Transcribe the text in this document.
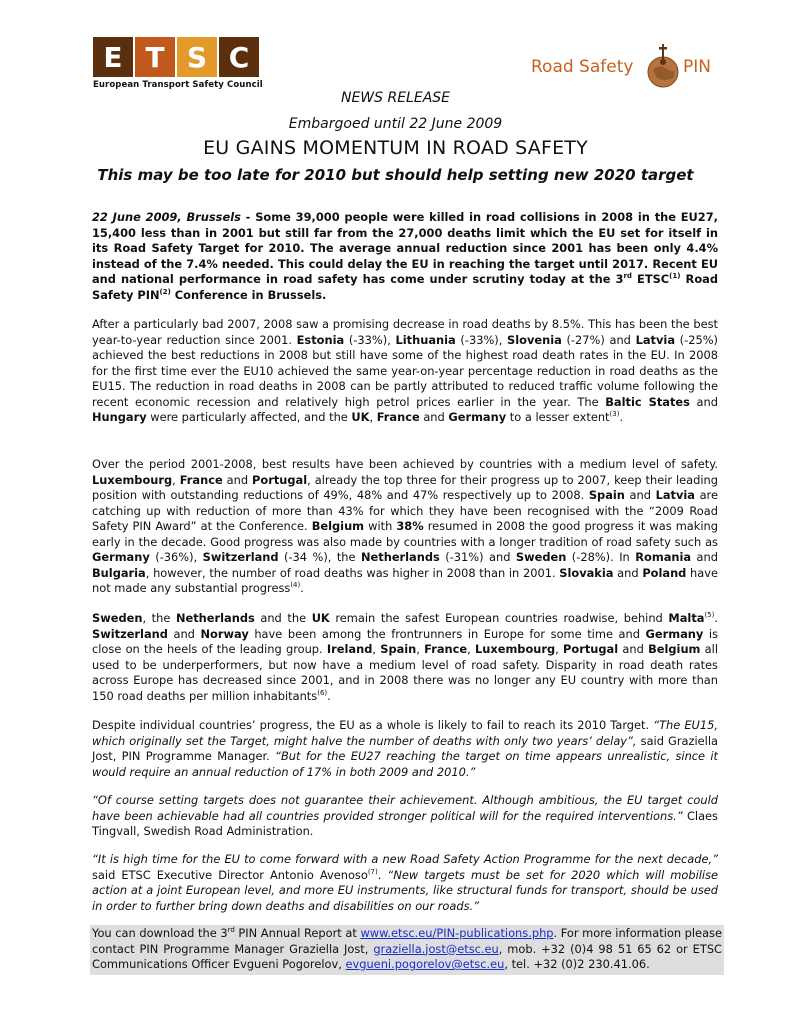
E T S C
European Transport Safety Council
Road Safety	PIN
NEWS RELEASE
Embargoed until 22 June 2009
EU GAINS MOMENTUM IN ROAD SAFETY
This may be too late for 2010 but should help setting new 2020 target

22 June 2009, Brussels - Some 39,000 people were killed in road collisions in 2008 in the EU27, 15,400 less than in 2001 but still far from the 27,000 deaths limit which the EU set for itself in its Road Safety Target for 2010. The average annual reduction since 2001 has been only 4.4% instead of the 7.4% needed. This could delay the EU in reaching the target until 2017. Recent EU and national performance in road safety has come under scrutiny today at the 3rd ETSC$^{(1)}$ Road Safety PIN$^{(2)}$ Conference in Brussels.

After a particularly bad 2007, 2008 saw a promising decrease in road deaths by 8.5%. This has been the best year-to-year reduction since 2001. Estonia (-33%), Lithuania (-33%), Slovenia (-27%) and Latvia (-25%) achieved the best reductions in 2008 but still have some of the highest road death rates in the EU. In 2008 for the first time ever the EU10 achieved the same year-on-year percentage reduction in road deaths as the EU15. The reduction in road deaths in 2008 can be partly attributed to reduced traffic volume following the recent economic recession and relatively high petrol prices earlier in the year. The Baltic States and Hungary were particularly affected, and the UK, France and Germany to a lesser extent$^{(3)}$.

Over the period 2001-2008, best results have been achieved by countries with a medium level of safety. Luxembourg, France and Portugal, already the top three for their progress up to 2007, keep their leading position with outstanding reductions of 49%, 48% and 47% respectively up to 2008. Spain and Latvia are catching up with reduction of more than 43% for which they have been recognised with the “2009 Road Safety PIN Award” at the Conference. Belgium with 38% resumed in 2008 the good progress it was making early in the decade. Good progress was also made by countries with a longer tradition of road safety such as Germany (-36%), Switzerland (-34 %), the Netherlands (-31%) and Sweden (-28%). In Romania and Bulgaria, however, the number of road deaths was higher in 2008 than in 2001. Slovakia and Poland have not made any substantial progress$^{(4)}$.

Sweden, the Netherlands and the UK remain the safest European countries roadwise, behind Malta$^{(5)}$. Switzerland and Norway have been among the frontrunners in Europe for some time and Germany is close on the heels of the leading group. Ireland, Spain, France, Luxembourg, Portugal and Belgium all used to be underperformers, but now have a medium level of road safety. Disparity in road death rates across Europe has decreased since 2001, and in 2008 there was no longer any EU country with more than 150 road deaths per million inhabitants$^{(6)}$.

Despite individual countries’ progress, the EU as a whole is likely to fail to reach its 2010 Target. “The EU15, which originally set the Target, might halve the number of deaths with only two years’ delay”, said Graziella Jost, PIN Programme Manager. “But for the EU27 reaching the target on time appears unrealistic, since it would require an annual reduction of 17% in both 2009 and 2010.”

“Of course setting targets does not guarantee their achievement. Although ambitious, the EU target could have been achievable had all countries provided stronger political will for the required interventions.” Claes Tingvall, Swedish Road Administration.

“It is high time for the EU to come forward with a new Road Safety Action Programme for the next decade,” said ETSC Executive Director Antonio Avenoso$^{(7)}$. “New targets must be set for 2020 which will mobilise action at a joint European level, and more EU instruments, like structural funds for transport, should be used in order to further bring down deaths and disabilities on our roads.”

You can download the 3rd PIN Annual Report at www.etsc.eu/PIN-publications.php. For more information please contact PIN Programme Manager Graziella Jost, graziella.jost@etsc.eu, mob. +32 (0)4 98 51 65 62 or ETSC Communications Officer Evgueni Pogorelov, evgueni.pogorelov@etsc.eu, tel. +32 (0)2 230.41.06.
